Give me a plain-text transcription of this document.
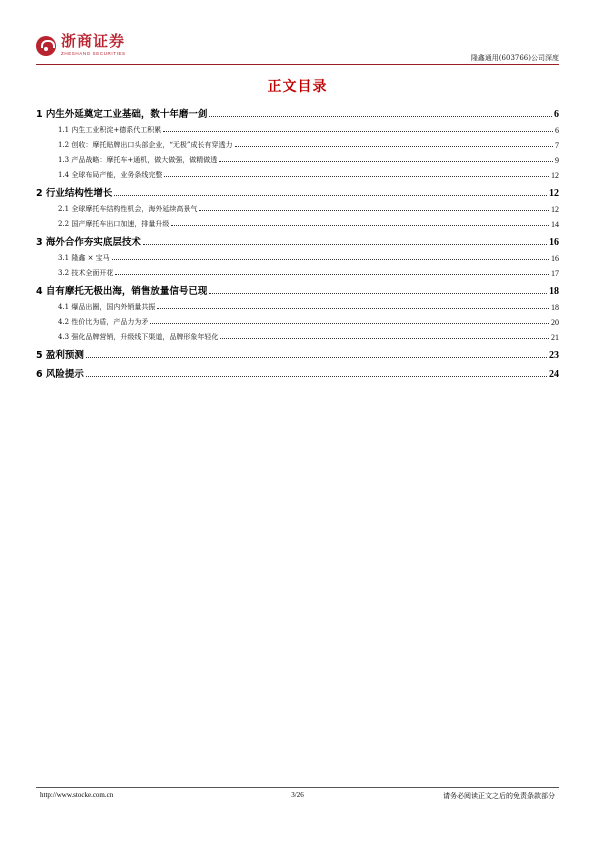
浙商证券
ZHESHANG SECURITIES
隆鑫通用(603766)公司深度
正文目录
1 内生外延奠定工业基础，数十年磨一剑	6
1.1 内生工业积淀+德系代工积累	6
1.2 创收：摩托贴牌出口头部企业，“无极”成长有穿透力	7
1.3 产品战略：摩托车+通机，做大做强，做精做透	9
1.4 全球布局产能，业务条线完整	12
2 行业结构性增长	12
2.1 全球摩托车结构性机会，海外延续高景气	12
2.2 国产摩托车出口加速，排量升级	14
3 海外合作夯实底层技术	16
3.1 隆鑫 × 宝马	16
3.2 技术全面开花	17
4 自有摩托无极出海，销售放量信号已现	18
4.1 爆品出圈，国内外销量共振	18
4.2 性价比为盾，产品力为矛	20
4.3 强化品牌营销，升级线下渠道，品牌形象年轻化	21
5 盈利预测	23
6 风险提示	24
http://www.stocke.com.cn	3/26	请务必阅读正文之后的免责条款部分
